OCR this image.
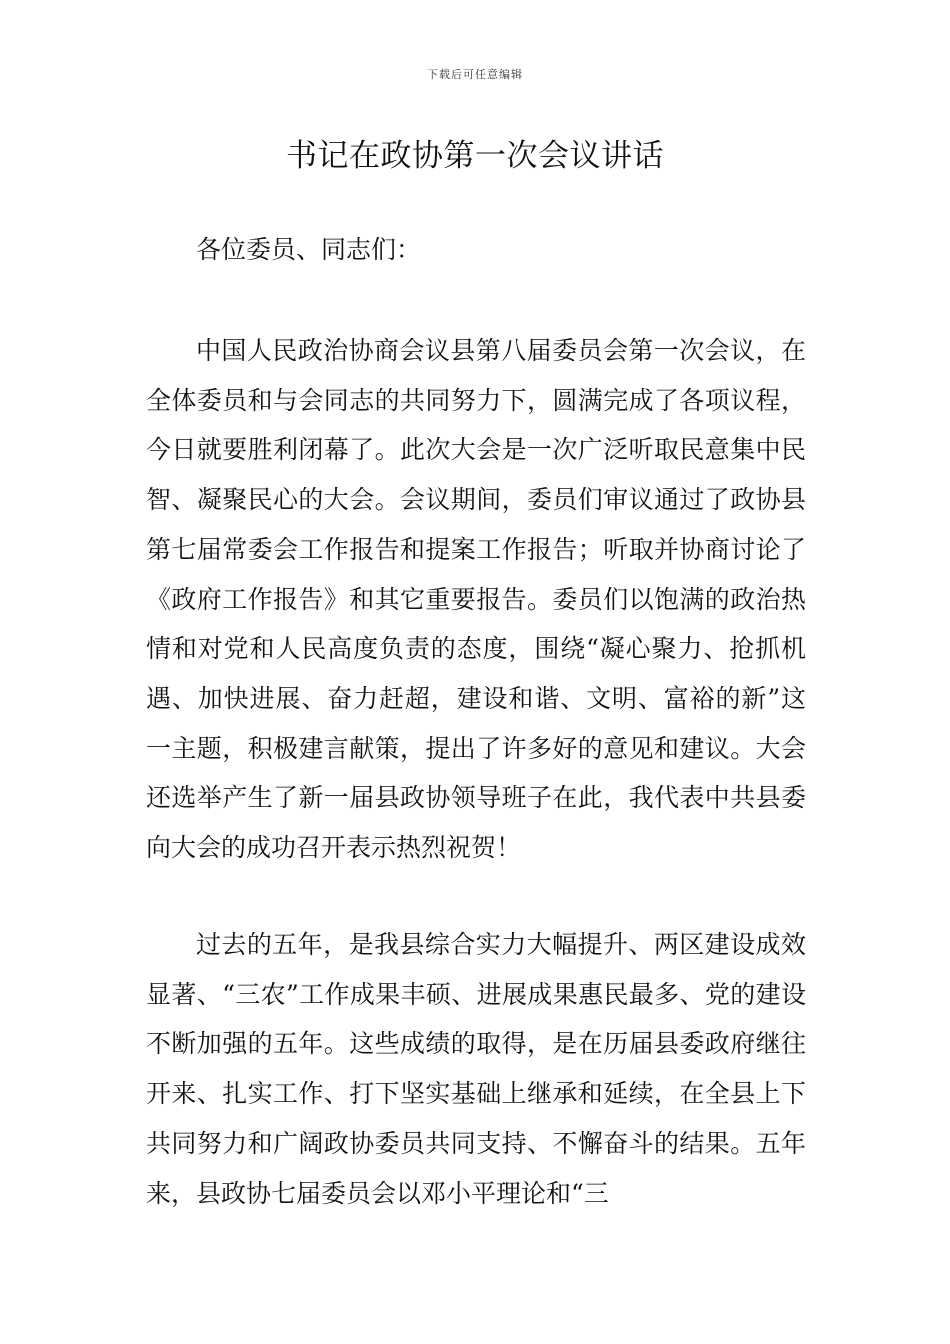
下载后可任意编辑
书记在政协第一次会议讲话

各位委员、同志们：

中国人民政治协商会议县第八届委员会第一次会议，在全体委员和与会同志的共同努力下，圆满完成了各项议程，今日就要胜利闭幕了。此次大会是一次广泛听取民意集中民智、凝聚民心的大会。会议期间，委员们审议通过了政协县第七届常委会工作报告和提案工作报告；听取并协商讨论了《政府工作报告》和其它重要报告。委员们以饱满的政治热情和对党和人民高度负责的态度，围绕“凝心聚力、抢抓机遇、加快进展、奋力赶超，建设和谐、文明、富裕的新”这一主题，积极建言献策，提出了许多好的意见和建议。大会还选举产生了新一届县政协领导班子在此，我代表中共县委向大会的成功召开表示热烈祝贺！

过去的五年，是我县综合实力大幅提升、两区建设成效显著、“三农”工作成果丰硕、进展成果惠民最多、党的建设不断加强的五年。这些成绩的取得，是在历届县委政府继往开来、扎实工作、打下坚实基础上继承和延续，在全县上下共同努力和广阔政协委员共同支持、不懈奋斗的结果。五年来，县政协七届委员会以邓小平理论和“三
